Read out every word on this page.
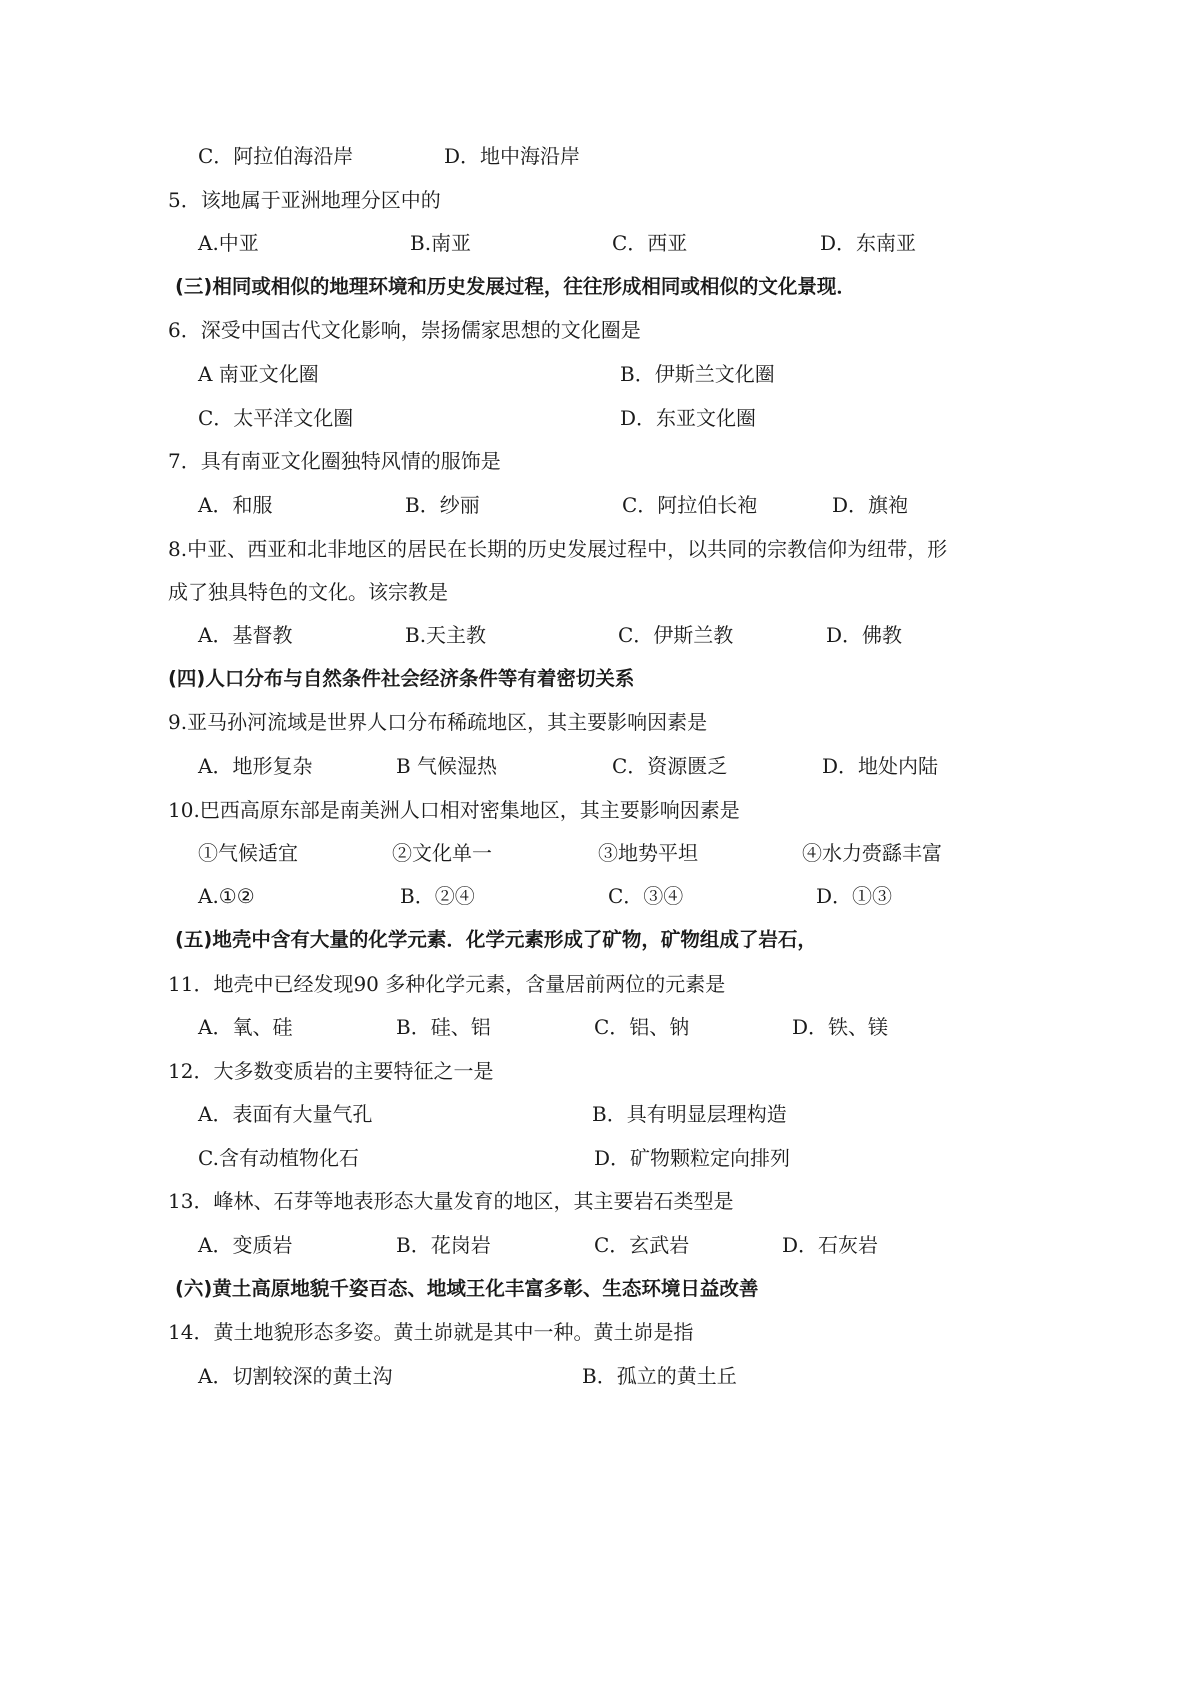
C．阿拉伯海沿岸	D．地中海沿岸
5．该地属于亚洲地理分区中的
A.中亚	B.南亚	C．西亚	D．东南亚
(三)相同或相似的地理环境和历史发展过程，往往形成相同或相似的文化景现．
6．深受中国古代文化影响，崇扬儒家思想的文化圈是
A 南亚文化圈	B．伊斯兰文化圈
C．太平洋文化圈	D．东亚文化圈
7．具有南亚文化圈独特风情的服饰是
A．和服	B．纱丽	C．阿拉伯长袍	D．旗袍
8.中亚、西亚和北非地区的居民在长期的历史发展过程中，以共同的宗教信仰为纽带，形
成了独具特色的文化。该宗教是
A．基督教	B.天主教	C．伊斯兰教	D．佛教
(四)人口分布与自然条件社会经济条件等有着密切关系
9.亚马孙河流域是世界人口分布稀疏地区，其主要影响因素是
A．地形复杂	B 气候湿热	C．资源匮乏	D．地处内陆
10.巴西高原东部是南美洲人口相对密集地区，其主要影响因素是
①气候适宜	②文化单一	③地势平坦	④水力赍繇丰富
A.①②	B．②④	C．③④	D．①③
(五)地壳中含有大量的化学元素．化学元素形成了矿物，矿物组成了岩石，
11．地壳中已经发现90 多种化学元素，含量居前两位的元素是
A．氧、硅	B．硅、铝	C．铝、钠	D．铁、镁
12．大多数变质岩的主要特征之一是
A．表面有大量气孔	B．具有明显层理构造
C.含有动植物化石	D．矿物颗粒定向排列
13．峰林、石芽等地表形态大量发育的地区，其主要岩石类型是
A．变质岩	B．花岗岩	C．玄武岩	D．石灰岩
(六)黄土高原地貌千姿百态、地域王化丰富多彰、生态环境日益改善
14．黄土地貌形态多姿。黄土峁就是其中一种。黄土峁是指
A．切割较深的黄土沟	B．孤立的黄土丘
